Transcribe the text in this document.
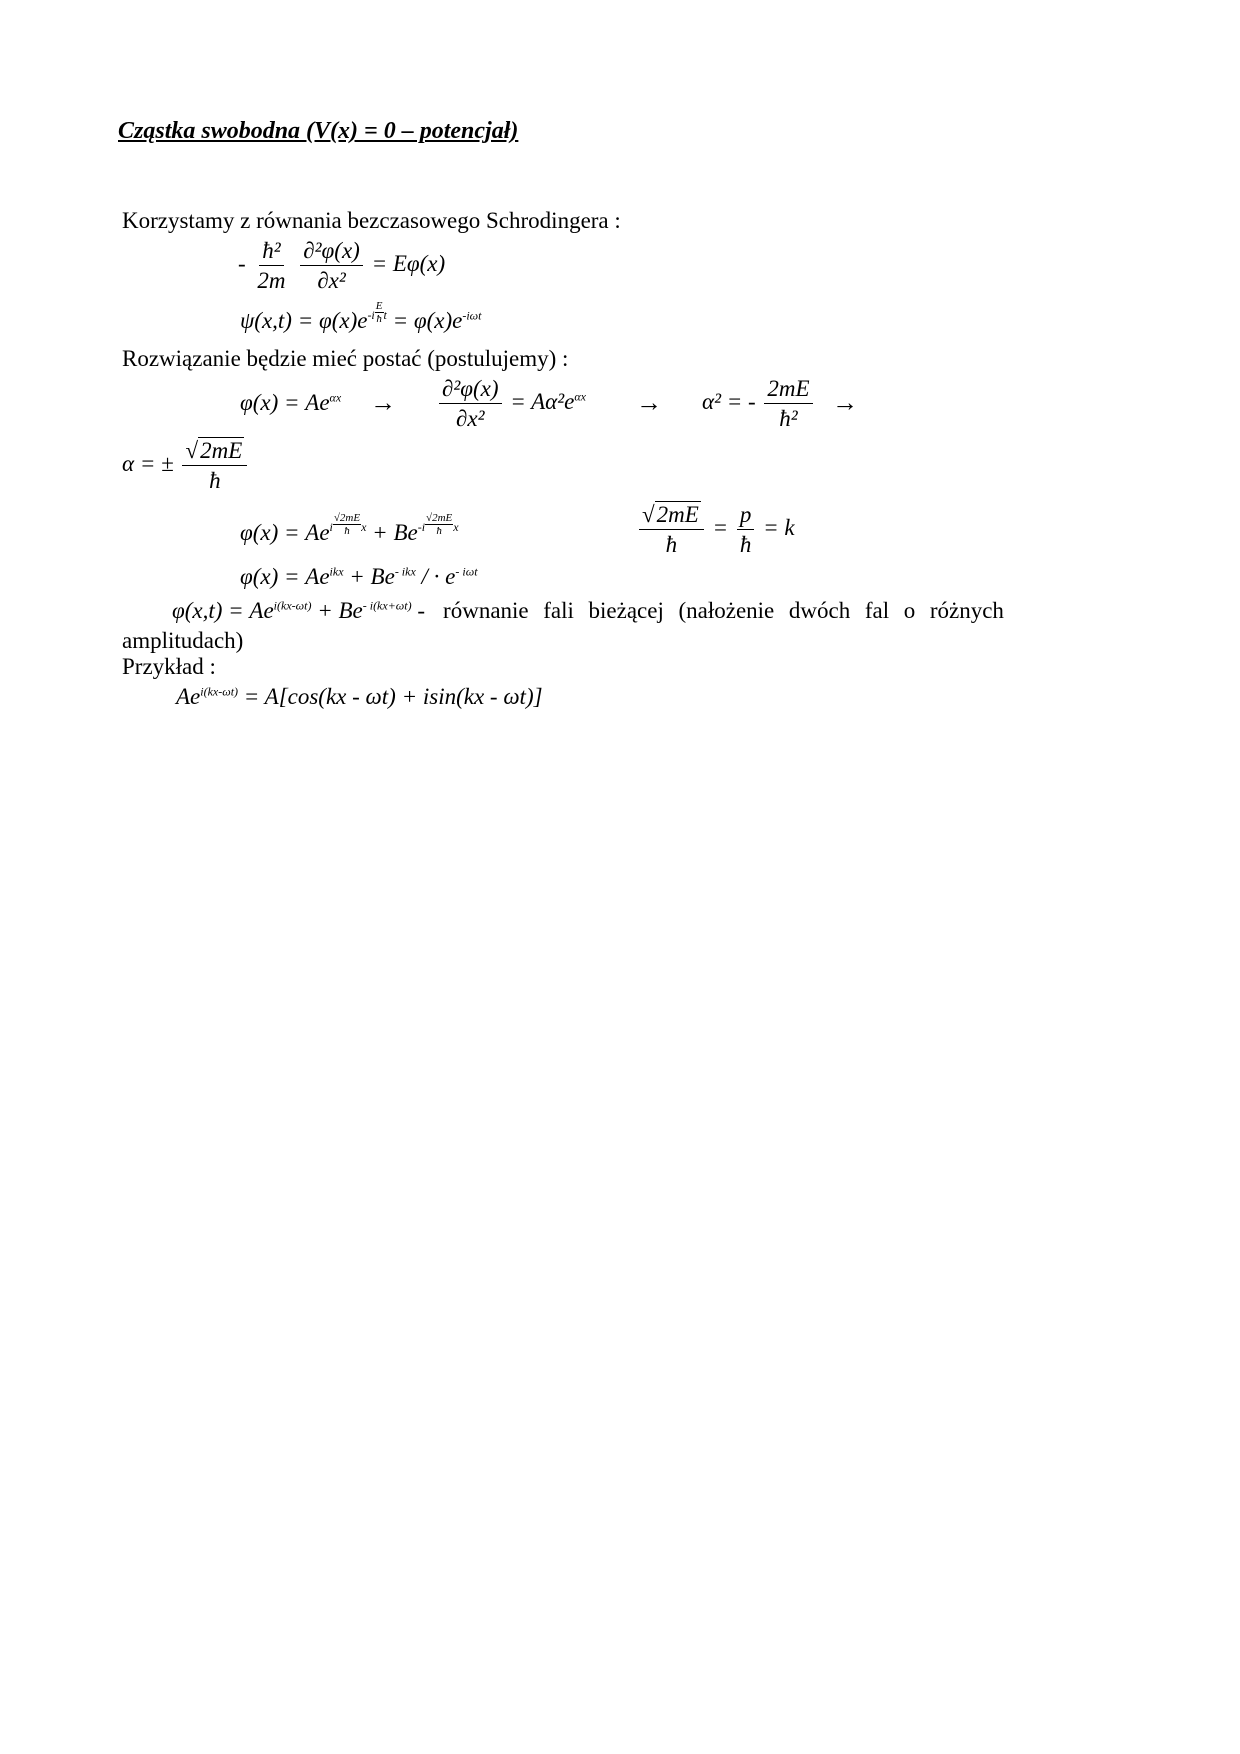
Cząstka swobodna (V(x) = 0 – potencjał)
Korzystamy z równania bezczasowego Schrodingera :
- $\frac{\text{ħ²}}{2m}$
$\frac{\text{∂²φ(x)}}{\text{∂x²}} = E\varphi(x)$
$\psi(x,t) = \varphi(x)e^{-i \frac{E}{ħ} t} = \varphi(x)e^{-i\omega t}$
Rozwiązanie będzie mieć postać (postulujemy) :
$\varphi(x) = Ae^{\alpha x} \to \frac{\text{∂²φ(x)}}{\text{∂x²}} = A\alpha^2e^{\alpha x} \to \alpha^2$ = - $\frac{2mE}{\text{ħ²}}$ →
α = ± $\frac{√2mE}{ħ}$
$\varphi(x) = Ae^{i \frac{√2mE}{ħ} x} + Be^{-i \frac{√2mE}{ħ} x}$	$\frac{√2mE}{ħ} = \frac{p}{ħ} = k$
$\varphi(x) = Ae^{ikx} + Be^{- ikx}$ / · $e^{- i\omega t}$
$\varphi(x,t) = Ae^{i(kx-\omega t)} + Be^{- i(kx+\omega t)}$ - równanie fali bieżącej (nałożenie dwóch fal o różnych
amplitudach)
Przykład :
$Ae^{i(kx-\omega t)} = A[\cos(kx - \omega t) + isin(kx - \omega t)]$
